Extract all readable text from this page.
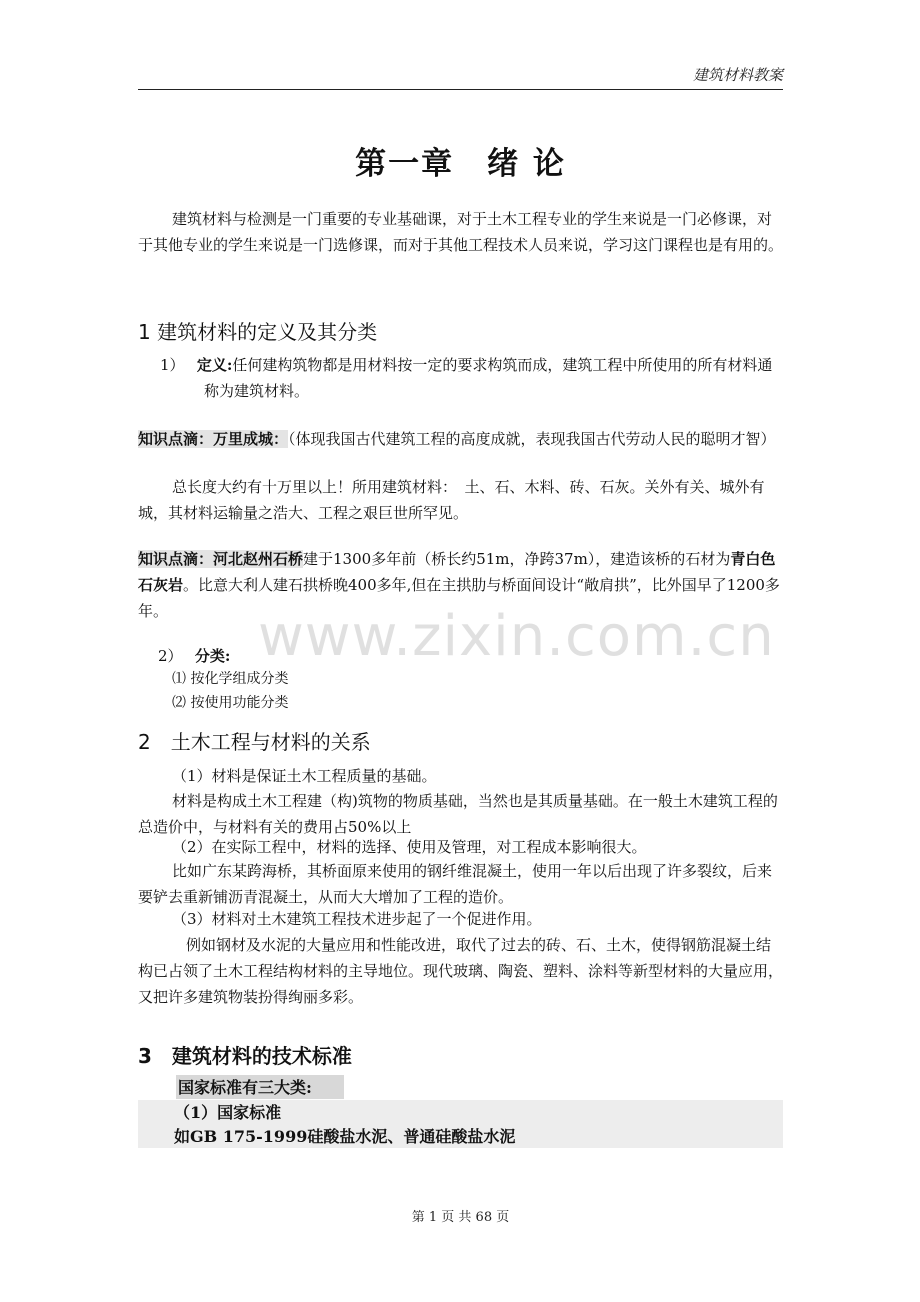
建筑材料教案
第一章　绪 论
建筑材料与检测是一门重要的专业基础课，对于土木工程专业的学生来说是一门必修课，对于其他专业的学生来说是一门选修课，而对于其他工程技术人员来说，学习这门课程也是有用的。
1 建筑材料的定义及其分类
1）　 定义:任何建构筑物都是用材料按一定的要求构筑而成，建筑工程中所使用的所有材料通称为建筑材料。
知识点滴：万里成城：（体现我国古代建筑工程的高度成就，表现我国古代劳动人民的聪明才智）
总长度大约有十万里以上！所用建筑材料：　土、石、木料、砖、石灰。关外有关、城外有城，其材料运输量之浩大、工程之艰巨世所罕见。
知识点滴：河北赵州石桥建于1300多年前（桥长约51m，净跨37m），建造该桥的石材为青白色石灰岩。比意大利人建石拱桥晚400多年,但在主拱肋与桥面间设计“敞肩拱”，比外国早了1200多年。	www.zixin.com.cn
2）　 分类:
⑴ 按化学组成分类
⑵ 按使用功能分类
2　土木工程与材料的关系
（1）材料是保证土木工程质量的基础。
材料是构成土木工程建（构)筑物的物质基础，当然也是其质量基础。在一般土木建筑工程的总造价中，与材料有关的费用占50%以上
（2）在实际工程中，材料的选择、使用及管理，对工程成本影响很大。
比如广东某跨海桥，其桥面原来使用的钢纤维混凝土，使用一年以后出现了许多裂纹，后来要铲去重新铺沥青混凝土，从而大大增加了工程的造价。
（3）材料对土木建筑工程技术进步起了一个促进作用。
例如钢材及水泥的大量应用和性能改进，取代了过去的砖、石、土木，使得钢筋混凝土结构已占领了土木工程结构材料的主导地位。现代玻璃、陶瓷、塑料、涂料等新型材料的大量应用，又把许多建筑物装扮得绚丽多彩。
3　建筑材料的技术标准
国家标准有三大类:
（1）国家标准
如GB 175-1999硅酸盐水泥、普通硅酸盐水泥
第 1 页 共 68 页
